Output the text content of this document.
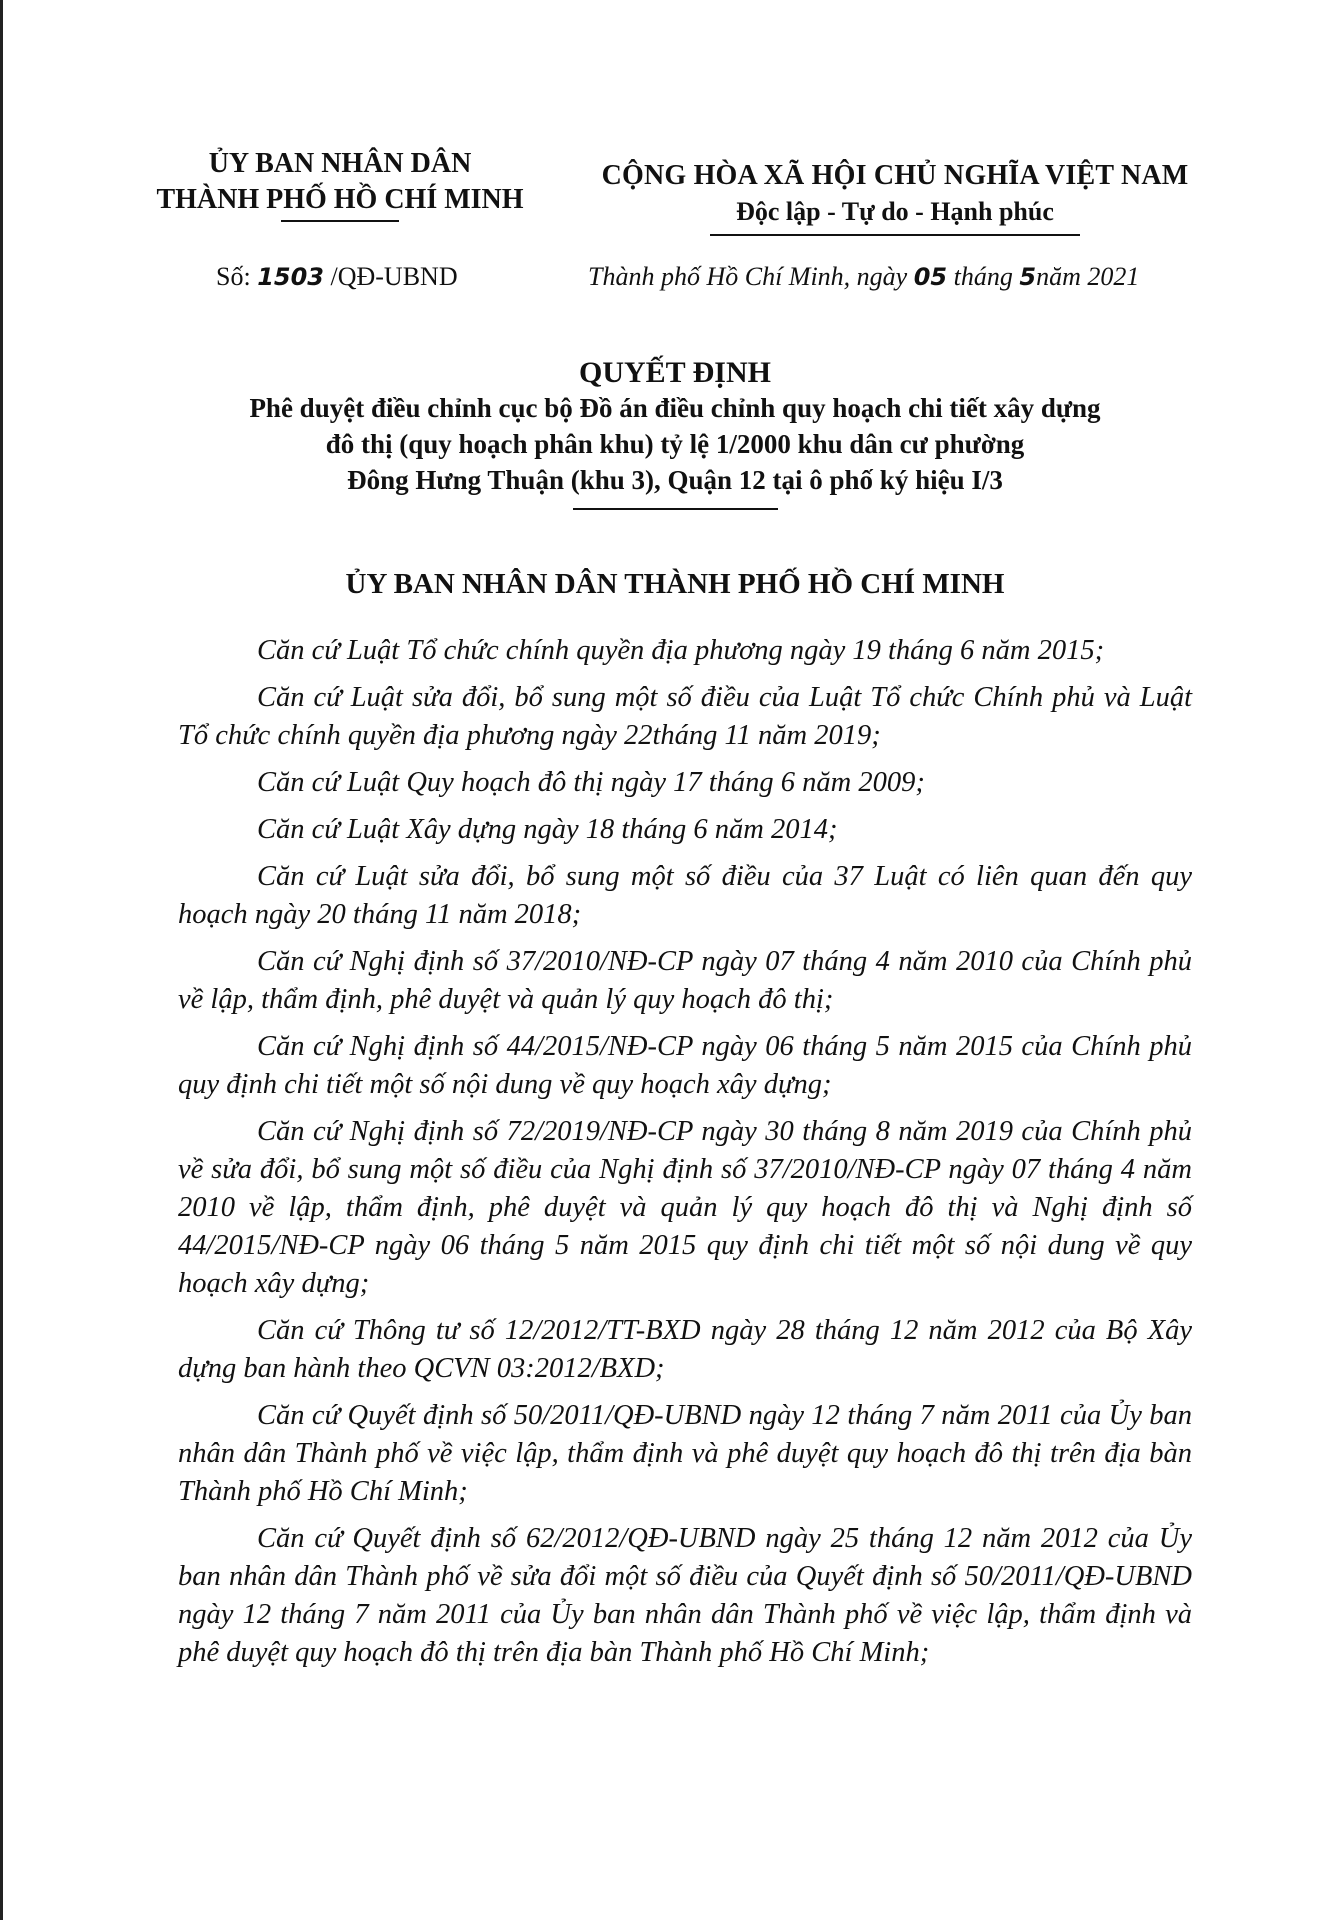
ỦY BAN NHÂN DÂN
THÀNH PHỐ HỒ CHÍ MINH
CỘNG HÒA XÃ HỘI CHỦ NGHĨA VIỆT NAM
Độc lập - Tự do - Hạnh phúc
Số: 1503 /QĐ-UBND	Thành phố Hồ Chí Minh, ngày 05 tháng 5năm 2021
QUYẾT ĐỊNH
Phê duyệt điều chỉnh cục bộ Đồ án điều chỉnh quy hoạch chi tiết xây dựng
đô thị (quy hoạch phân khu) tỷ lệ 1/2000 khu dân cư phường
Đông Hưng Thuận (khu 3), Quận 12 tại ô phố ký hiệu I/3
ỦY BAN NHÂN DÂN THÀNH PHỐ HỒ CHÍ MINH

Căn cứ Luật Tổ chức chính quyền địa phương ngày 19 tháng 6 năm 2015;

Căn cứ Luật sửa đổi, bổ sung một số điều của Luật Tổ chức Chính phủ và Luật Tổ chức chính quyền địa phương ngày 22tháng 11 năm 2019;

Căn cứ Luật Quy hoạch đô thị ngày 17 tháng 6 năm 2009;

Căn cứ Luật Xây dựng ngày 18 tháng 6 năm 2014;

Căn cứ Luật sửa đổi, bổ sung một số điều của 37 Luật có liên quan đến quy hoạch ngày 20 tháng 11 năm 2018;

Căn cứ Nghị định số 37/2010/NĐ-CP ngày 07 tháng 4 năm 2010 của Chính phủ về lập, thẩm định, phê duyệt và quản lý quy hoạch đô thị;

Căn cứ Nghị định số 44/2015/NĐ-CP ngày 06 tháng 5 năm 2015 của Chính phủ quy định chi tiết một số nội dung về quy hoạch xây dựng;

Căn cứ Nghị định số 72/2019/NĐ-CP ngày 30 tháng 8 năm 2019 của Chính phủ về sửa đổi, bổ sung một số điều của Nghị định số 37/2010/NĐ-CP ngày 07 tháng 4 năm 2010 về lập, thẩm định, phê duyệt và quản lý quy hoạch đô thị và Nghị định số 44/2015/NĐ-CP ngày 06 tháng 5 năm 2015 quy định chi tiết một số nội dung về quy hoạch xây dựng;

Căn cứ Thông tư số 12/2012/TT-BXD ngày 28 tháng 12 năm 2012 của Bộ Xây dựng ban hành theo QCVN 03:2012/BXD;

Căn cứ Quyết định số 50/2011/QĐ-UBND ngày 12 tháng 7 năm 2011 của Ủy ban nhân dân Thành phố về việc lập, thẩm định và phê duyệt quy hoạch đô thị trên địa bàn Thành phố Hồ Chí Minh;

Căn cứ Quyết định số 62/2012/QĐ-UBND ngày 25 tháng 12 năm 2012 của Ủy ban nhân dân Thành phố về sửa đổi một số điều của Quyết định số 50/2011/QĐ-UBND ngày 12 tháng 7 năm 2011 của Ủy ban nhân dân Thành phố về việc lập, thẩm định và phê duyệt quy hoạch đô thị trên địa bàn Thành phố Hồ Chí Minh;
